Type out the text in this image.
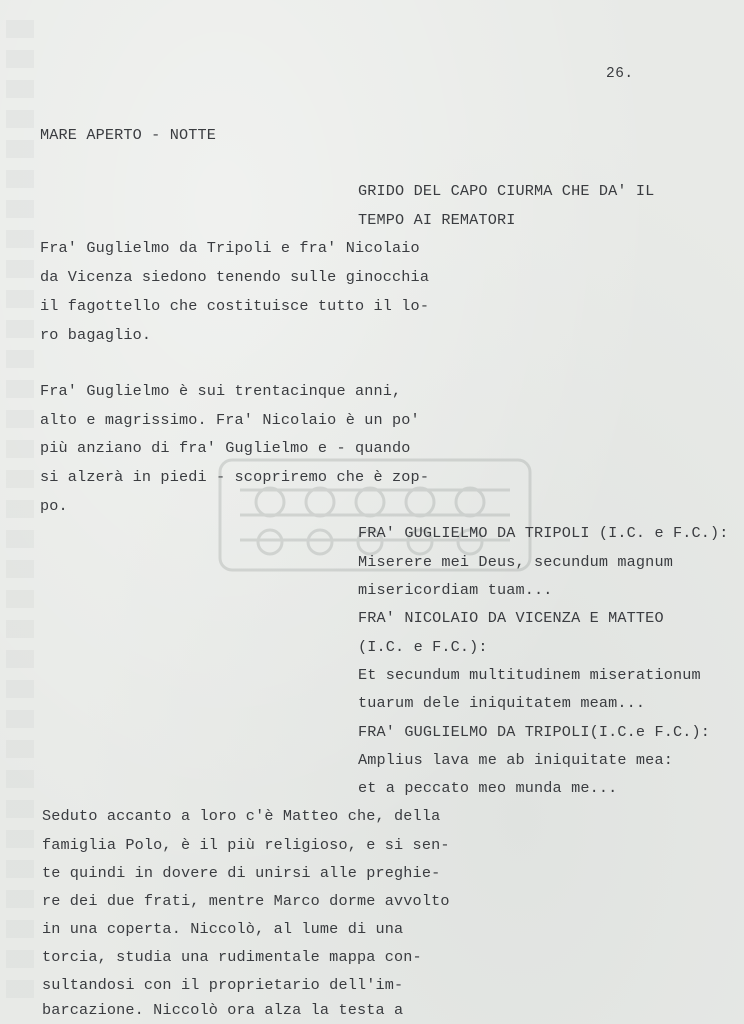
26.
MARE APERTO - NOTTE
GRIDO DEL CAPO CIURMA CHE DA' IL
TEMPO AI REMATORI
Fra' Guglielmo da Tripoli e fra' Nicolaio
da Vicenza siedono tenendo sulle ginocchia
il fagottello che costituisce tutto il lo-
ro bagaglio.
Fra' Guglielmo è sui trentacinque anni,
alto e magrissimo. Fra' Nicolaio è un po'
più anziano di fra' Guglielmo e - quando
si alzerà in piedi - scopriremo che è zop-
po.
FRA' GUGLIELMO DA TRIPOLI (I.C. e F.C.):
Miserere mei Deus, secundum magnum
misericordiam tuam...
FRA' NICOLAIO DA VICENZA E MATTEO
(I.C. e F.C.):
Et secundum multitudinem miserationum
tuarum dele iniquitatem meam...
FRA' GUGLIELMO DA TRIPOLI(I.C.e F.C.):
Amplius lava me ab iniquitate mea:
et a peccato meo munda me...
Seduto accanto a loro c'è Matteo che, della
famiglia Polo, è il più religioso, e si sen-
te quindi in dovere di unirsi alle preghie-
re dei due frati, mentre Marco dorme avvolto
in una coperta. Niccolò, al lume di una
torcia, studia una rudimentale mappa con-
sultandosi con il proprietario dell'im-
barcazione. Niccolò ora alza la testa a
